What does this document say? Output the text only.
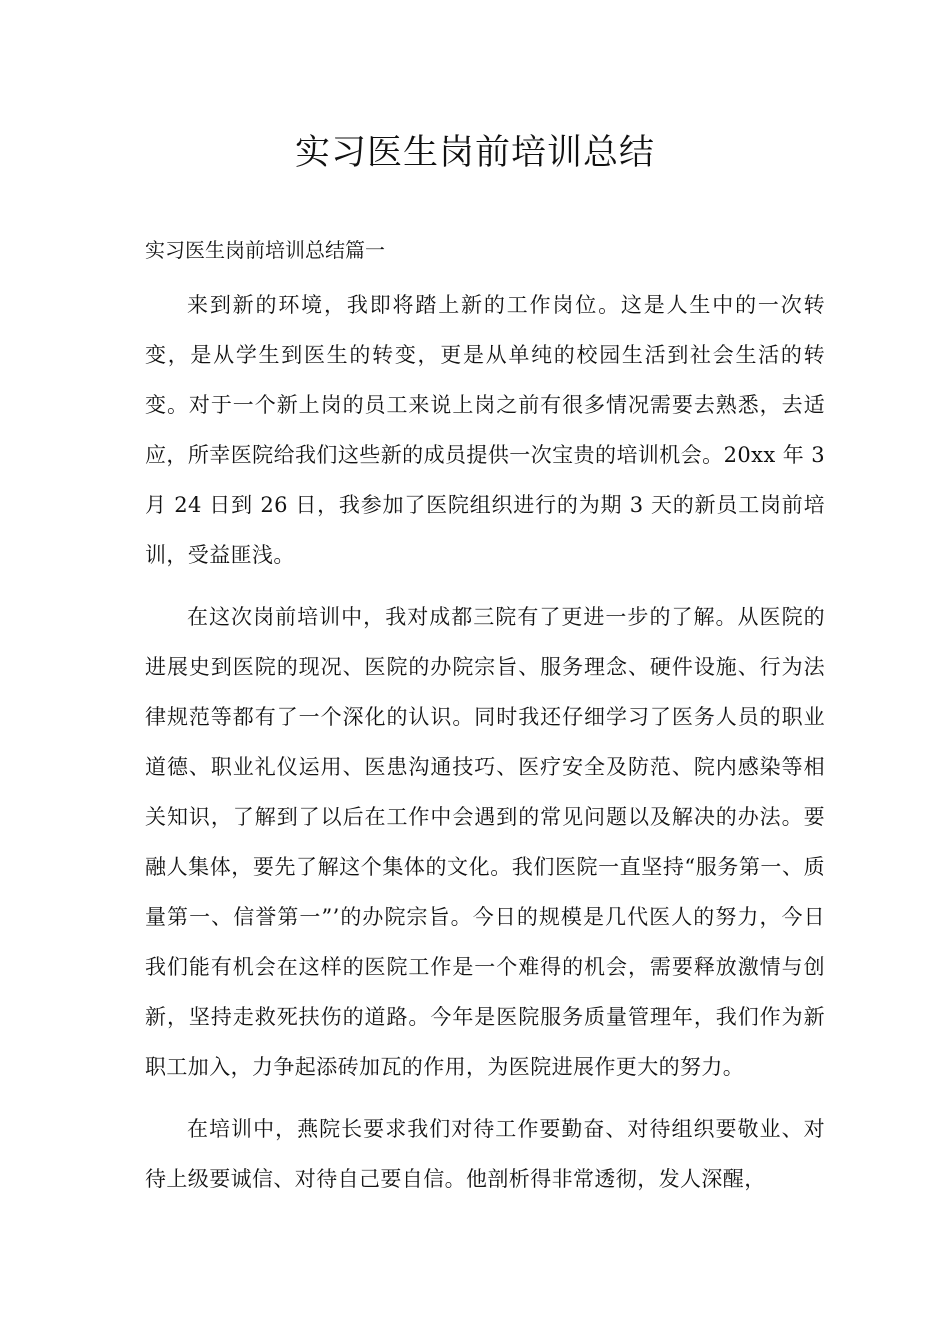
实习医生岗前培训总结

实习医生岗前培训总结篇一

来到新的环境，我即将踏上新的工作岗位。这是人生中的一次转变，是从学生到医生的转变，更是从单纯的校园生活到社会生活的转变。对于一个新上岗的员工来说上岗之前有很多情况需要去熟悉，去适应，所幸医院给我们这些新的成员提供一次宝贵的培训机会。20xx 年 3 月 24 日到 26 日，我参加了医院组织进行的为期 3 天的新员工岗前培训，受益匪浅。

在这次岗前培训中，我对成都三院有了更进一步的了解。从医院的进展史到医院的现况、医院的办院宗旨、服务理念、硬件设施、行为法律规范等都有了一个深化的认识。同时我还仔细学习了医务人员的职业道德、职业礼仪运用、医患沟通技巧、医疗安全及防范、院内感染等相关知识，了解到了以后在工作中会遇到的常见问题以及解决的办法。要融人集体，要先了解这个集体的文化。我们医院一直坚持“服务第一、质量第一、信誉第一”’的办院宗旨。今日的规模是几代医人的努力，今日我们能有机会在这样的医院工作是一个难得的机会，需要释放激情与创新，坚持走救死扶伤的道路。今年是医院服务质量管理年，我们作为新职工加入，力争起添砖加瓦的作用，为医院进展作更大的努力。

在培训中，燕院长要求我们对待工作要勤奋、对待组织要敬业、对待上级要诚信、对待自己要自信。他剖析得非常透彻，发人深醒，
